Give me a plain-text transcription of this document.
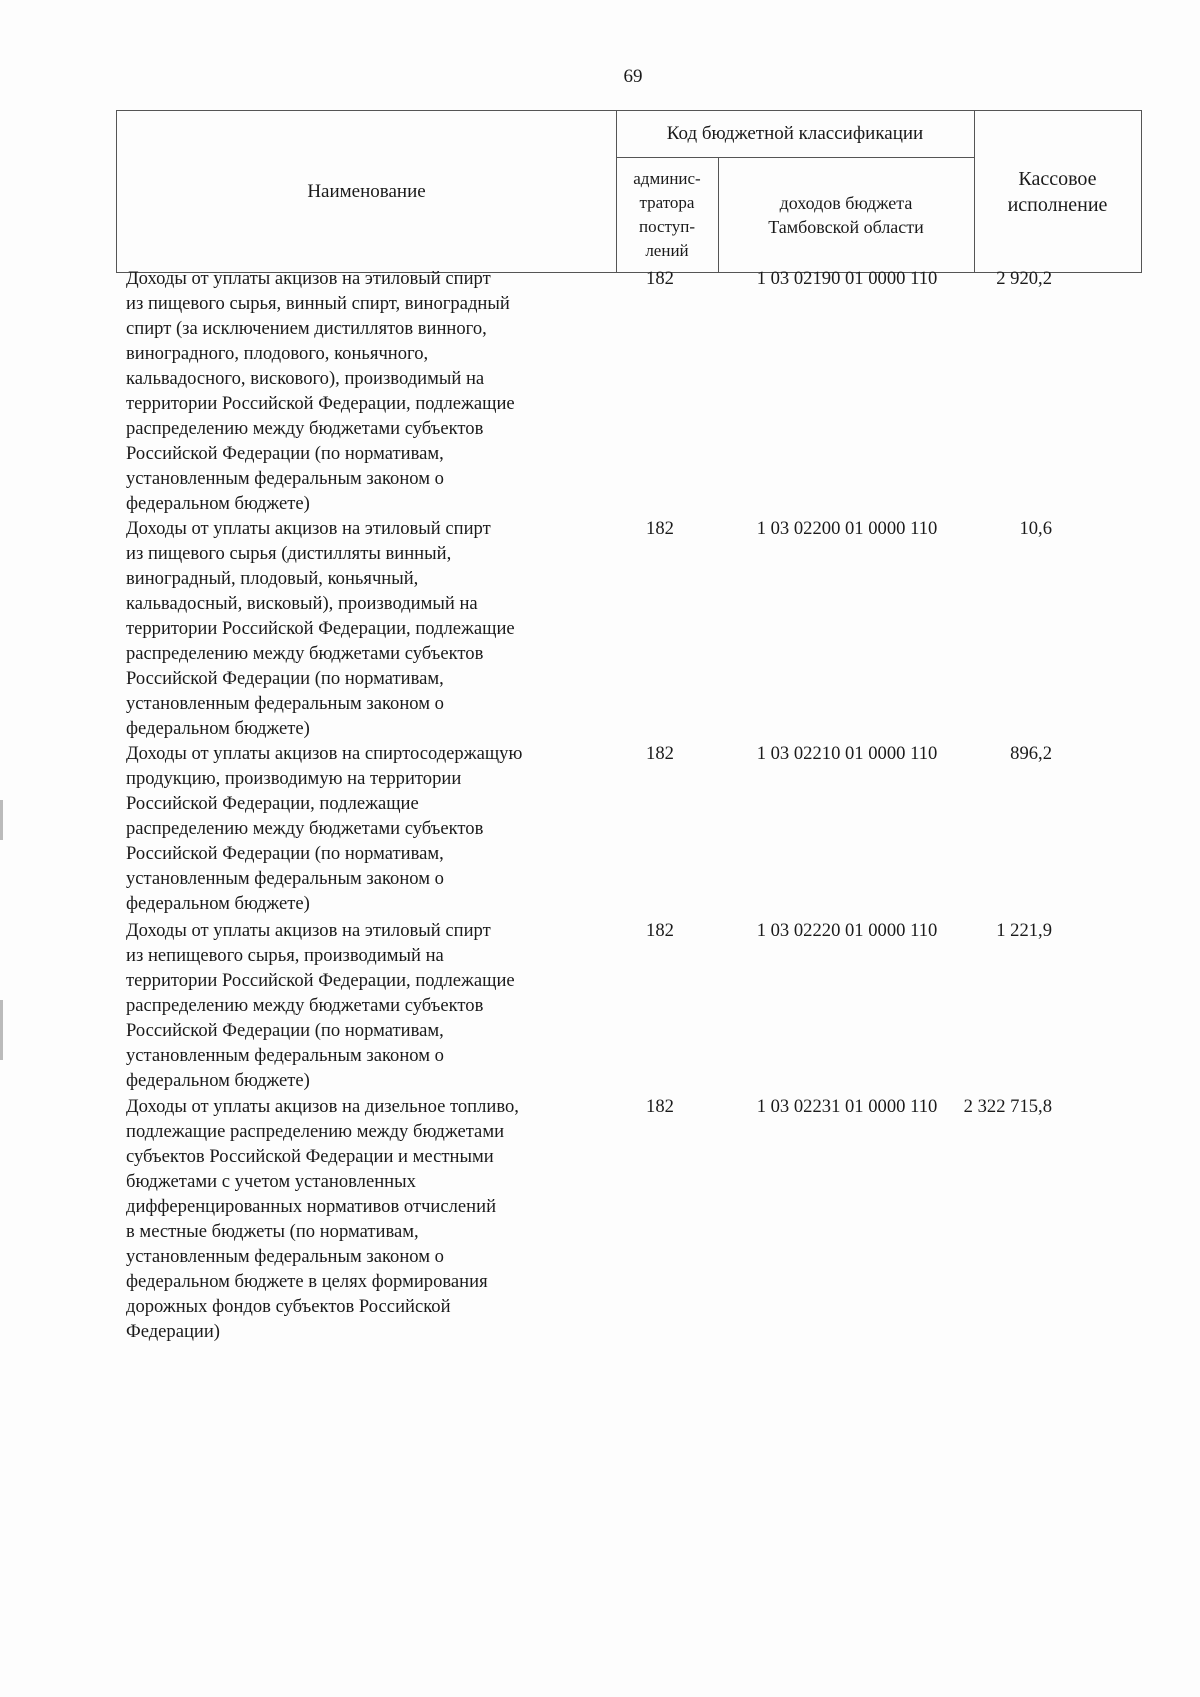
69
Наименование
Код бюджетной классификации
админис-
тратора
поступ-
лений
доходов бюджета
Тамбовской области
Кассовое
исполнение
Доходы от уплаты акцизов на этиловый спирт
из пищевого сырья, винный спирт, виноградный
спирт (за исключением дистиллятов винного,
виноградного, плодового, коньячного,
кальвадосного, вискового), производимый на
территории Российской Федерации, подлежащие
распределению между бюджетами субъектов
Российской Федерации (по нормативам,
установленным федеральным законом о
федеральном бюджете)
182	1 03 02190 01 0000 110	2 920,2
Доходы от уплаты акцизов на этиловый спирт
из пищевого сырья (дистилляты винный,
виноградный, плодовый, коньячный,
кальвадосный, висковый), производимый на
территории Российской Федерации, подлежащие
распределению между бюджетами субъектов
Российской Федерации (по нормативам,
установленным федеральным законом о
федеральном бюджете)
182	1 03 02200 01 0000 110	10,6
Доходы от уплаты акцизов на спиртосодержащую
продукцию, производимую на территории
Российской Федерации, подлежащие
распределению между бюджетами субъектов
Российской Федерации (по нормативам,
установленным федеральным законом о
федеральном бюджете)
182	1 03 02210 01 0000 110	896,2
Доходы от уплаты акцизов на этиловый спирт
из непищевого сырья, производимый на
территории Российской Федерации, подлежащие
распределению между бюджетами субъектов
Российской Федерации (по нормативам,
установленным федеральным законом о
федеральном бюджете)
182	1 03 02220 01 0000 110	1 221,9
Доходы от уплаты акцизов на дизельное топливо,
подлежащие распределению между бюджетами
субъектов Российской Федерации и местными
бюджетами с учетом установленных
дифференцированных нормативов отчислений
в местные бюджеты (по нормативам,
установленным федеральным законом о
федеральном бюджете в целях формирования
дорожных фондов субъектов Российской
Федерации)
182	1 03 02231 01 0000 110	2 322 715,8
